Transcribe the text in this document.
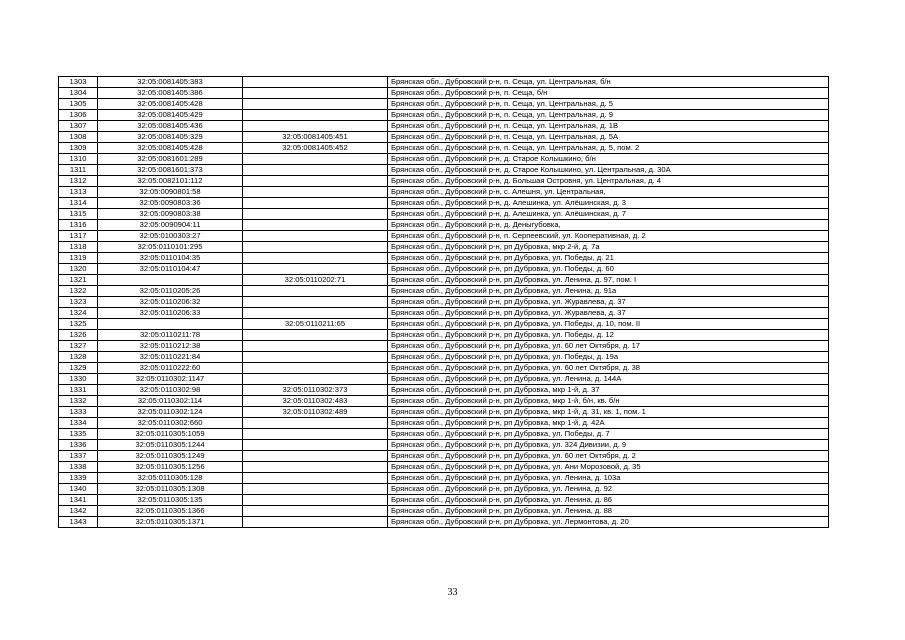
1303	32:05:0081405:383		Брянская обл., Дубровский р-н, п. Сеща, ул. Центральная, б/н
1304	32:05:0081405:386		Брянская обл., Дубровский р-н, п. Сеща, б/н
1305	32:05:0081405:428		Брянская обл., Дубровский р-н, п. Сеща, ул. Центральная, д. 5
1306	32:05:0081405:429		Брянская обл., Дубровский р-н, п. Сеща, ул. Центральная, д. 9
1307	32:05:0081405:436		Брянская обл., Дубровский р-н, п. Сеща, ул. Центральная, д. 1В
1308	32:05:0081405:329	32:05:0081405:451	Брянская обл., Дубровский р-н, п. Сеща, ул. Центральная, д. 5А
1309	32:05:0081405:428	32:05:0081405:452	Брянская обл., Дубровский р-н, п. Сеща, ул. Центральная, д. 5, пом. 2
1310	32:05:0081601:289		Брянская обл., Дубровский р-н, д. Старое Колышкино, б/н
1311	32:05:0081601:373		Брянская обл., Дубровский р-н, д. Старое Колышкино, ул. Центральная, д. 30А
1312	32:05:0082101:112		Брянская обл., Дубровский р-н, д. Большая Островня, ул. Центральная, д. 4
1313	32:05:0090801:58		Брянская обл., Дубровский р-н, с. Алешня, ул. Центральная,
1314	32:05:0090803:36		Брянская обл., Дубровский р-н, д. Алешинка, ул. Алёшинская, д. 3
1315	32:05:0090803:38		Брянская обл., Дубровский р-н, д. Алешинка, ул. Алёшинская, д. 7
1316	32:05:0090904:11		Брянская обл., Дубровский р-н, д. Деныгубовка,
1317	32:05:0100303:27		Брянская обл., Дубровский р-н, п. Серпеевский, ул. Кооперативная, д. 2
1318	32:05:0110101:295		Брянская обл., Дубровский р-н, рп Дубровка, мкр 2-й, д. 7а
1319	32:05:0110104:35		Брянская обл., Дубровский р-н, рп Дубровка, ул. Победы, д. 21
1320	32:05:0110104:47		Брянская обл., Дубровский р-н, рп Дубровка, ул. Победы, д. 60
1321		32:05:0110202:71	Брянская обл., Дубровский р-н, рп Дубровка, ул. Ленина, д. 97, пом. I
1322	32:05:0110205:26		Брянская обл., Дубровский р-н, рп Дубровка, ул. Ленина, д. 91а
1323	32:05:0110206:32		Брянская обл., Дубровский р-н, рп Дубровка, ул. Журавлева, д. 37
1324	32:05:0110206:33		Брянская обл., Дубровский р-н, рп Дубровка, ул. Журавлева, д. 37
1325		32:05:0110211:65	Брянская обл., Дубровский р-н, рп Дубровка, ул. Победы, д. 10, пом. II
1326	32:05:0110211:78		Брянская обл., Дубровский р-н, рп Дубровка, ул. Победы, д. 12
1327	32:05:0110212:38		Брянская обл., Дубровский р-н, рп Дубровка, ул. 60 лет Октября, д. 17
1328	32:05:0110221:84		Брянская обл., Дубровский р-н, рп Дубровка, ул. Победы, д. 19а
1329	32:05:0110222:60		Брянская обл., Дубровский р-н, рп Дубровка, ул. 60 лет Октября, д. 38
1330	32:05:0110302:1147		Брянская обл., Дубровский р-н, рп Дубровка, ул. Ленина, д. 144А
1331	32:05:0110302:98	32:05:0110302:373	Брянская обл., Дубровский р-н, рп Дубровка, мкр 1-й, д. 37
1332	32:05:0110302:114	32:05:0110302:483	Брянская обл., Дубровский р-н, рп Дубровка, мкр 1-й, б/н, кв. б/н
1333	32:05:0110302:124	32:05:0110302:489	Брянская обл., Дубровский р-н, рп Дубровка, мкр 1-й, д. 31, кв. 1, пом. 1
1334	32:05:0110302:660		Брянская обл., Дубровский р-н, рп Дубровка, мкр 1-й, д. 42А
1335	32:05:0110305:1059		Брянская обл., Дубровский р-н, рп Дубровка, ул. Победы, д. 7
1336	32:05:0110305:1244		Брянская обл., Дубровский р-н, рп Дубровка, ул. 324 Дивизии, д. 9
1337	32:05:0110305:1249		Брянская обл., Дубровский р-н, рп Дубровка, ул. 60 лет Октября, д. 2
1338	32:05:0110305:1256		Брянская обл., Дубровский р-н, рп Дубровка, ул. Ани Морозовой, д. 35
1339	32:05:0110305:128		Брянская обл., Дубровский р-н, рп Дубровка, ул. Ленина, д. 103а
1340	32:05:0110305:1308		Брянская обл., Дубровский р-н, рп Дубровка, ул. Ленина, д. 92
1341	32:05:0110305:135		Брянская обл., Дубровский р-н, рп Дубровка, ул. Ленина, д. 86
1342	32:05:0110305:1366		Брянская обл., Дубровский р-н, рп Дубровка, ул. Ленина, д. 88
1343	32:05:0110305:1371		Брянская обл., Дубровский р-н, рп Дубровка, ул. Лермонтова, д. 20
33
